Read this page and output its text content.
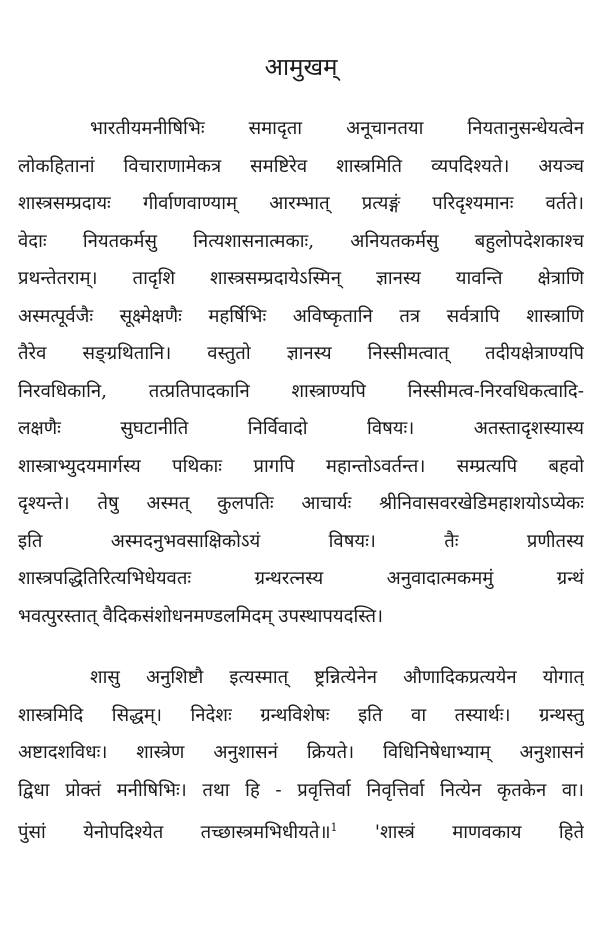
आमुखम्
भारतीयमनीषिभिः समादृता अनूचानतया नियतानुसन्धेयत्वेन
लोकहितानां विचाराणामेकत्र समष्टिरेव शास्त्रमिति व्यपदिश्यते। अयञ्च
शास्त्रसम्प्रदायः गीर्वाणवाण्याम् आरम्भात् प्रत्यङ्गं परिदृश्यमानः वर्तते।
वेदाः नियतकर्मसु नित्यशासनात्मकाः, अनियतकर्मसु बहुलोपदेशकाश्च
प्रथन्तेतराम्। तादृशि शास्त्रसम्प्रदायेऽस्मिन् ज्ञानस्य यावन्ति क्षेत्राणि
अस्मत्पूर्वजैः सूक्ष्मेक्षणैः महर्षिभिः अविष्कृतानि तत्र सर्वत्रापि शास्त्राणि
तैरेव सङ्ग्रथितानि। वस्तुतो ज्ञानस्य निस्सीमत्वात् तदीयक्षेत्राण्यपि
निरवधिकानि, तत्प्रतिपादकानि शास्त्राण्यपि निस्सीमत्व-निरवधिकत्वादि-
लक्षणैः सुघटानीति निर्विवादो विषयः। अतस्तादृशस्यास्य
शास्त्राभ्युदयमार्गस्य पथिकाः प्रागपि महान्तोऽवर्तन्त। सम्प्रत्यपि बहवो
दृश्यन्ते। तेषु अस्मत् कुलपतिः आचार्यः श्रीनिवासवरखेडिमहाशयोऽप्येकः
इति अस्मदनुभवसाक्षिकोऽयं विषयः। तैः प्रणीतस्य
शास्त्रपद्धितिरित्यभिधेयवतः ग्रन्थरत्नस्य अनुवादात्मकममुं ग्रन्थं
भवत्पुरस्तात् वैदिकसंशोधनमण्डलमिदम् उपस्थापयदस्ति।
शासु अनुशिष्टौ इत्यस्मात् ष्ट्रन्नित्येनेन औणादिकप्रत्ययेन योगात्
शास्त्रमिदि सिद्धम्। निदेशः ग्रन्थविशेषः इति वा तस्यार्थः। ग्रन्थस्तु
अष्टादशविधः। शास्त्रेण अनुशासनं क्रियते। विधिनिषेधाभ्याम् अनुशासनं
द्विधा प्रोक्तं मनीषिभिः। तथा हि - प्रवृत्तिर्वा निवृत्तिर्वा नित्येन कृतकेन वा।
पुंसां येनोपदिश्येत तच्छास्त्रमभिधीयते॥$^1$ 'शास्त्रं माणवकाय हिते
